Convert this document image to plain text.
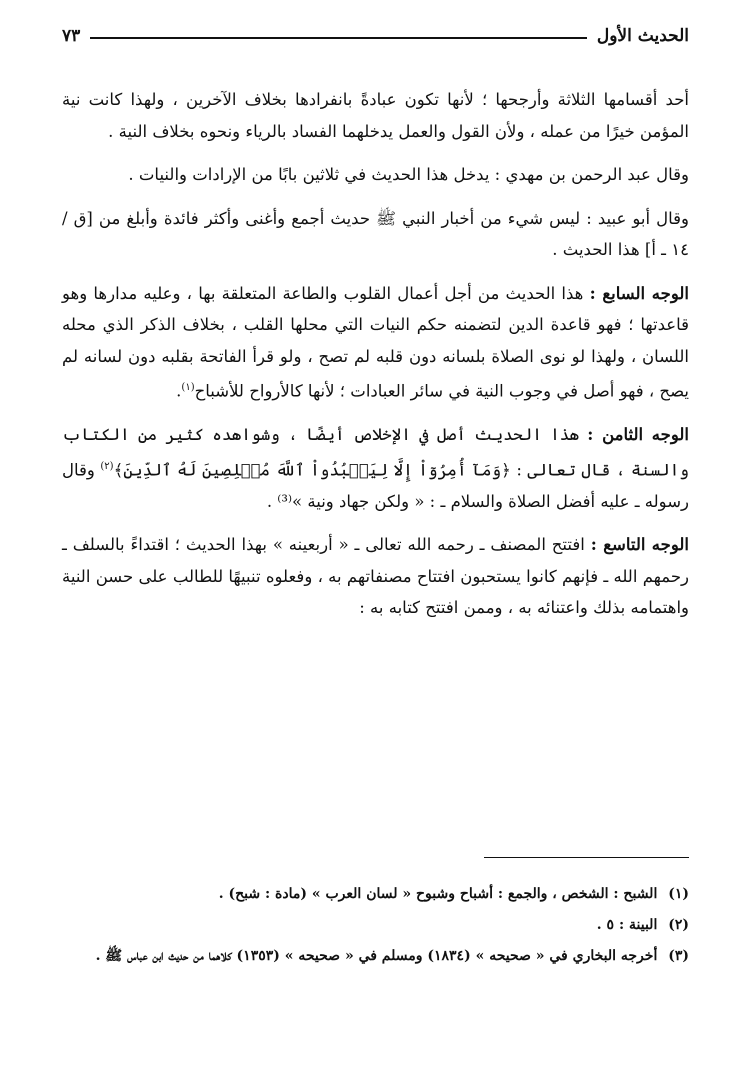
الحديث الأول
٧٣

أحد أقسامها الثلاثة وأرجحها ؛ لأنها تكون عبادةً بانفرادها بخلاف الآخرين ، ولهذا كانت نية المؤمن خيرًا من عمله ، ولأن القول والعمل يدخلهما الفساد بالرياء ونحوه بخلاف النية .

وقال عبد الرحمن بن مهدي : يدخل هذا الحديث في ثلاثين بابًا من الإرادات والنيات .

وقال أبو عبيد : ليس شيء من أخبار النبي ﷺ حديث أجمع وأغنى وأكثر فائدة وأبلغ من [ق / ١٤ ـ أ] هذا الحديث .

الوجه السابع : هذا الحديث من أجل أعمال القلوب والطاعة المتعلقة بها ، وعليه مدارها وهو قاعدتها ؛ فهو قاعدة الدين لتضمنه حكم النيات التي محلها القلب ، بخلاف الذكر الذي محله اللسان ، ولهذا لو نوى الصلاة بلسانه دون قلبه لم تصح ، ولو قرأ الفاتحة بقلبه دون لسانه لم يصح ، فهو أصل في وجوب النية في سائر العبادات ؛ لأنها كالأرواح للأشباح$^{(١)}$.

الوجه الثامن : هذا الحديث أصل في الإخلاص أيضًا ، وشواهده كثير من الكتاب والسنة ، قال تعالى : ﴿وَمَآ أُمِرُوٓاْ إِلَّا لِيَعۡبُدُواْ ٱللَّهَ مُخۡلِصِينَ لَهُ ٱلدِّينَ﴾$^{(٢)}$ وقال رسوله ـ عليه أفضل الصلاة والسلام ـ : « ولكن جهاد ونية »⁽³⁾ .

الوجه التاسع : افتتح المصنف ـ رحمه الله تعالى ـ « أربعينه » بهذا الحديث ؛ اقتداءً بالسلف ـ رحمهم الله ـ فإنهم كانوا يستحبون افتتاح مصنفاتهم به ، وفعلوه تنبيهًا للطالب على حسن النية واهتمامه بذلك واعتنائه به ، وممن افتتح كتابه به :

(١) الشبح : الشخص ، والجمع : أشباح وشبوح « لسان العرب » (مادة : شبح) .

(٢) البينة : ٥ .

(٣) أخرجه البخاري في « صحيحه » (١٨٣٤) ومسلم في « صحيحه » (١٣٥٣) كلاهما من حديث ابن عباس ﷺ .
